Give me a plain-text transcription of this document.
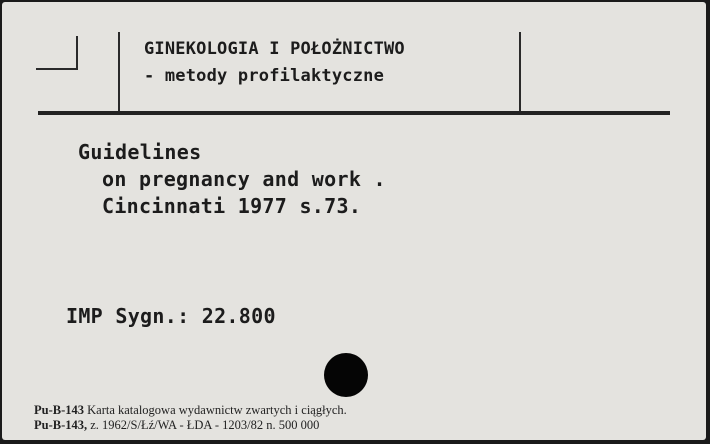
GINEKOLOGIA I POŁOŻNICTWO
- metody profilaktyczne
Guidelines
on pregnancy and work .
Cincinnati 1977 s.73.
IMP Sygn.: 22.800
Pu-B-143 Karta katalogowa wydawnictw zwartych i ciągłych.
Pu-B-143, z. 1962/S/Łź/WA - ŁDA - 1203/82 n. 500 000
